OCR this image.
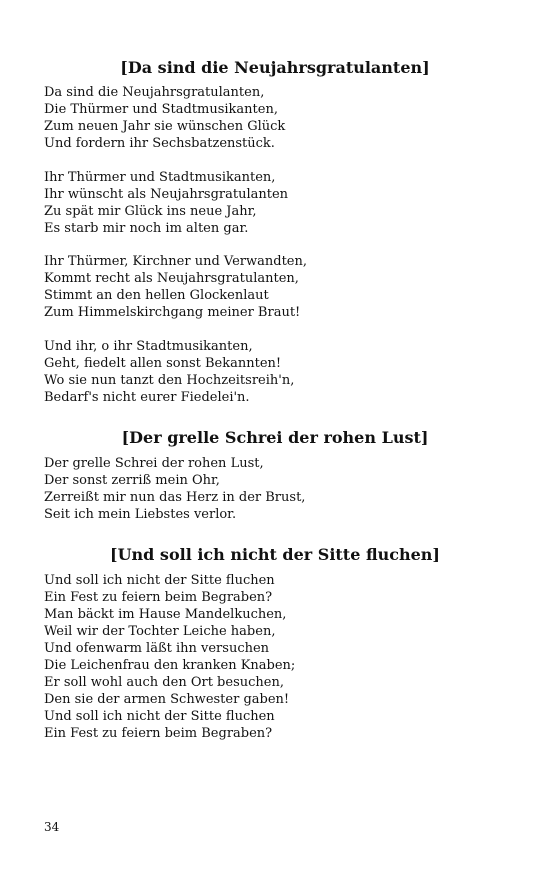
[Da sind die Neujahrsgratulanten]

Da sind die Neujahrsgratulanten,
Die Thürmer und Stadtmusikanten,
Zum neuen Jahr sie wünschen Glück
Und fordern ihr Sechsbatzenstück.

Ihr Thürmer und Stadtmusikanten,
Ihr wünscht als Neujahrsgratulanten
Zu spät mir Glück ins neue Jahr,
Es starb mir noch im alten gar.

Ihr Thürmer, Kirchner und Verwandten,
Kommt recht als Neujahrsgratulanten,
Stimmt an den hellen Glockenlaut
Zum Himmelskirchgang meiner Braut!

Und ihr, o ihr Stadtmusikanten,
Geht, fiedelt allen sonst Bekannten!
Wo sie nun tanzt den Hochzeitsreih'n,
Bedarf's nicht eurer Fiedelei'n.

[Der grelle Schrei der rohen Lust]

Der grelle Schrei der rohen Lust,
Der sonst zerriß mein Ohr,
Zerreißt mir nun das Herz in der Brust,
Seit ich mein Liebstes verlor.

[Und soll ich nicht der Sitte fluchen]

Und soll ich nicht der Sitte fluchen
Ein Fest zu feiern beim Begraben?
Man bäckt im Hause Mandelkuchen,
Weil wir der Tochter Leiche haben,
Und ofenwarm läßt ihn versuchen
Die Leichenfrau den kranken Knaben;
Er soll wohl auch den Ort besuchen,
Den sie der armen Schwester gaben!
Und soll ich nicht der Sitte fluchen
Ein Fest zu feiern beim Begraben?

34
